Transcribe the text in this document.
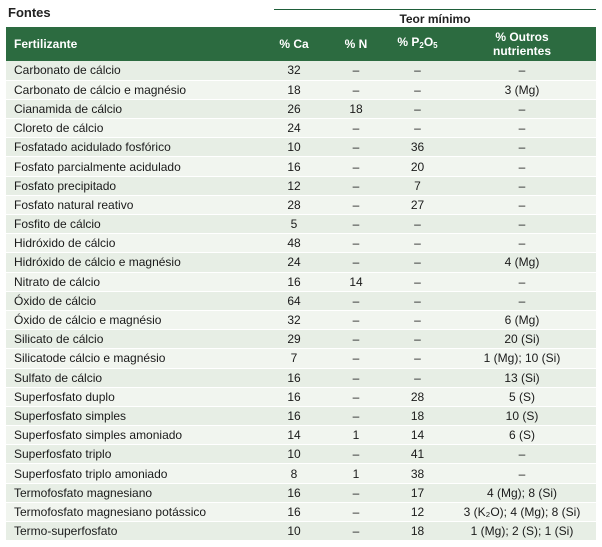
Fontes	Teor mínimo
Fertilizante	% Ca	% N	% $P_2O_5$	% Outros
nutrientes
Carbonato de cálcio	32	–	–	–
Carbonato de cálcio e magnésio	18	–	–	3 (Mg)
Cianamida de cálcio	26	18	–	–
Cloreto de cálcio	24	–	–	–
Fosfatado acidulado fosfórico	10	–	36	–
Fosfato parcialmente acidulado	16	–	20	–
Fosfato precipitado	12	–	7	–
Fosfato natural reativo	28	–	27	–
Fosfito de cálcio	5	–	–	–
Hidróxido de cálcio	48	–	–	–
Hidróxido de cálcio e magnésio	24	–	–	4 (Mg)
Nitrato de cálcio	16	14	–	–
Óxido de cálcio	64	–	–	–
Óxido de cálcio e magnésio	32	–	–	6 (Mg)
Silicato de cálcio	29	–	–	20 (Si)
Silicatode cálcio e magnésio	7	–	–	1 (Mg); 10 (Si)
Sulfato de cálcio	16	–	–	13 (Si)
Superfosfato duplo	16	–	28	5 (S)
Superfosfato simples	16	–	18	10 (S)
Superfosfato simples amoniado	14	1	14	6 (S)
Superfosfato triplo	10	–	41	–
Superfosfato triplo amoniado	8	1	38	–
Termofosfato magnesiano	16	–	17	4 (Mg); 8 (Si)
Termofosfato magnesiano potássico	16	–	12	3 (K₂O); 4 (Mg); 8 (Si)
Termo-superfosfato	10	–	18	1 (Mg); 2 (S); 1 (Si)
